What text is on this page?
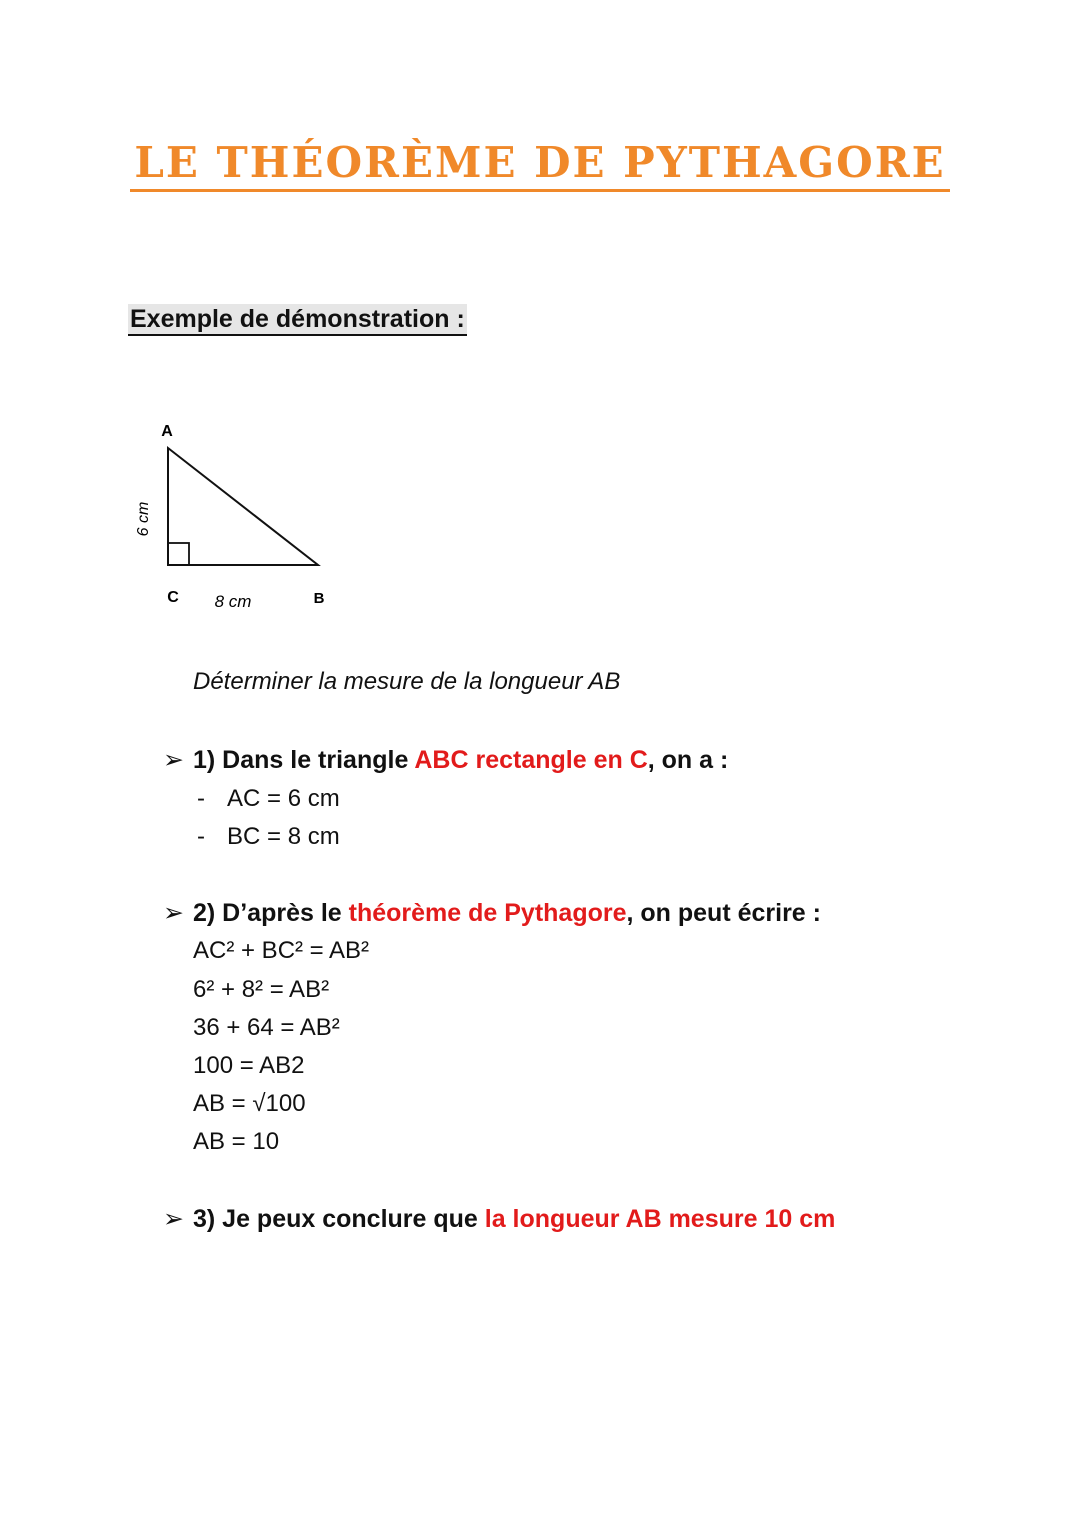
LE THÉORÈME DE PYTHAGORE
Exemple de démonstration :
A
C	B
8 cm
6 cm
Déterminer la mesure de la longueur AB
➢ 1) Dans le triangle ABC rectangle en C, on a :
- AC = 6 cm
- BC = 8 cm
➢ 2) D’après le théorème de Pythagore, on peut écrire :
AC² + BC² = AB²
6² + 8² = AB²
36 + 64 = AB²
100 = AB2
AB = √100
AB = 10
➢ 3) Je peux conclure que la longueur AB mesure 10 cm
